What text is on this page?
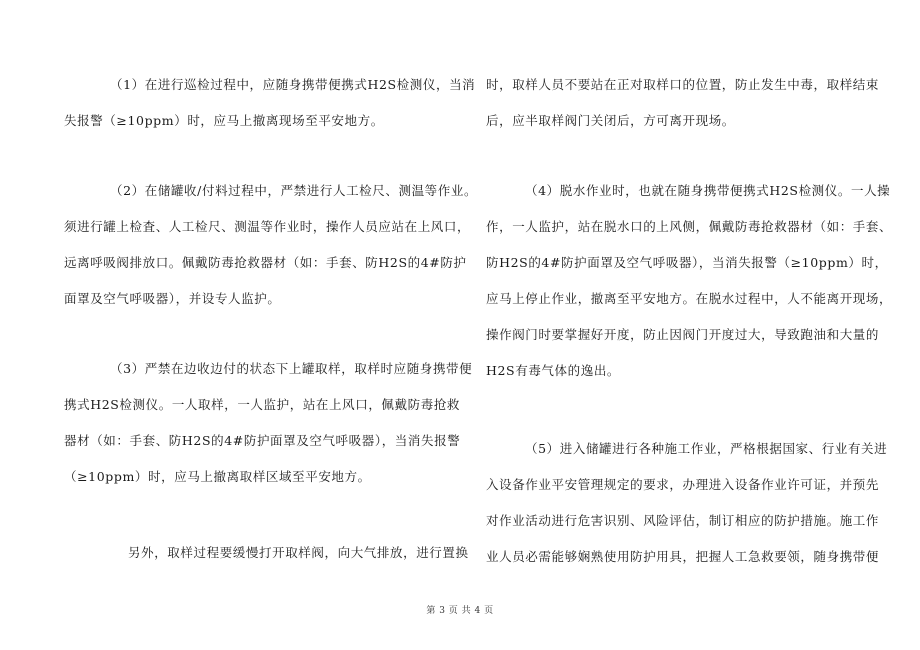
（1）在进行巡检过程中，应随身携带便携式H2S检测仪，当消
失报警（≥10ppm）时，应马上撤离现场至平安地方。
（2）在储罐收/付料过程中，严禁进行人工检尺、测温等作业。
须进行罐上检査、人工检尺、测温等作业时，操作人员应站在上风口，
远离呼吸阀排放口。佩戴防毒抢救器材（如：手套、防H2S的4#防护
面罩及空气呼吸器），并设专人监护。
（3）严禁在边收边付的状态下上罐取样，取样时应随身携带便
携式H2S检测仪。一人取样，一人监护，站在上风口，佩戴防毒抢救
器材（如：手套、防H2S的4#防护面罩及空气呼吸器），当消失报警
（≥10ppm）时，应马上撤离取样区域至平安地方。
另外，取样过程要缓慢打开取样阀，向大气排放，进行置换
时，取样人员不要站在正对取样口的位置，防止发生中毒，取样结束
后，应半取样阀门关闭后，方可离开现场。
（4）脱水作业时，也就在随身携带便携式H2S检测仪。一人操
作，一人监护，站在脱水口的上风侧，佩戴防毒抢救器材（如：手套、
防H2S的4#防护面罩及空气呼吸器），当消失报警（≥10ppm）时，
应马上停止作业，撤离至平安地方。在脱水过程中，人不能离开现场，
操作阀门时要掌握好开度，防止因阀门开度过大，导致跑油和大量的
H2S有毒气体的逸出。
（5）进入储罐进行各种施工作业，严格根据国家、行业有关进
入设备作业平安管理规定的要求，办理进入设备作业许可证，并预先
对作业活动进行危害识别、风险评估，制订相应的防护措施。施工作
业人员必需能够娴熟使用防护用具，把握人工急救要领，随身携带便
第 3 页 共 4 页
